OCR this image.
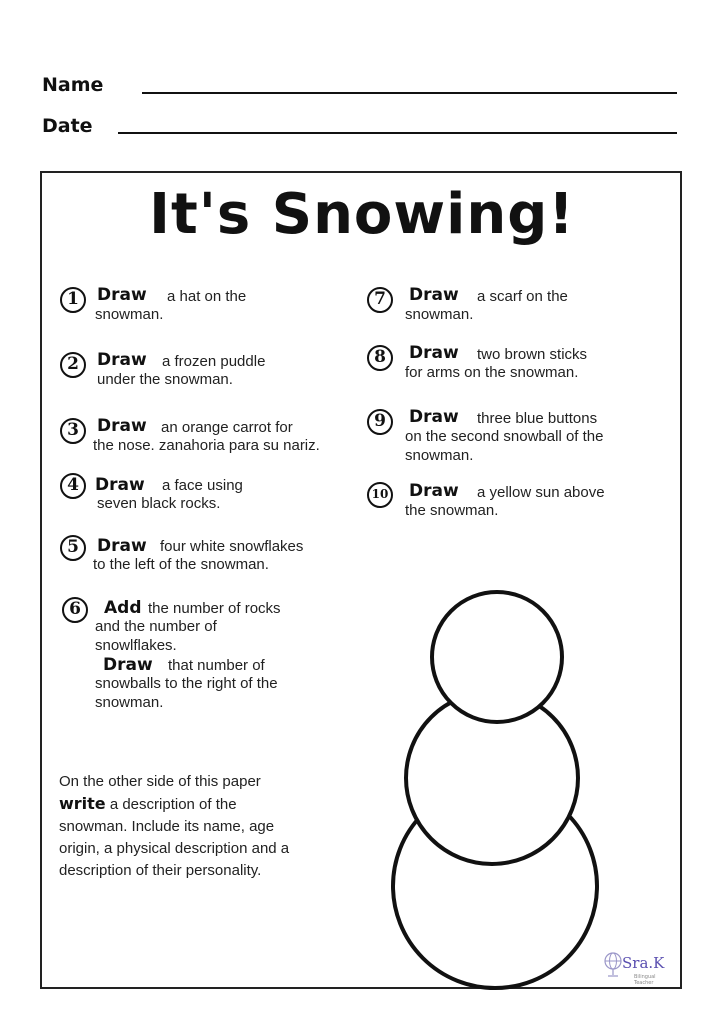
Name
Date
It's Snowing!
1	Draw a hat on the
snowman.
2	Draw a frozen puddle
under the snowman.
3	Draw an orange carrot for
the nose. zanahoria para su nariz.
4 Draw a face using
seven black rocks.
5	Draw four white snowflakes
to the left of the snowman.
6	Add the number of rocks
and the number of snowlflakes.
Draw that number of
snowballs to the right of the snowman.
7	Draw a scarf on the
snowman.
8	Draw two brown sticks
for arms on the snowman.
9	Draw three blue buttons
on the second snowball of the snowman.
10 Draw a yellow sun above
the snowman.
On the other side of this paper write a description of the snowman. Include its name, age origin, a physical description and a description of their personality.
Sra.K
Bilingual Teacher
